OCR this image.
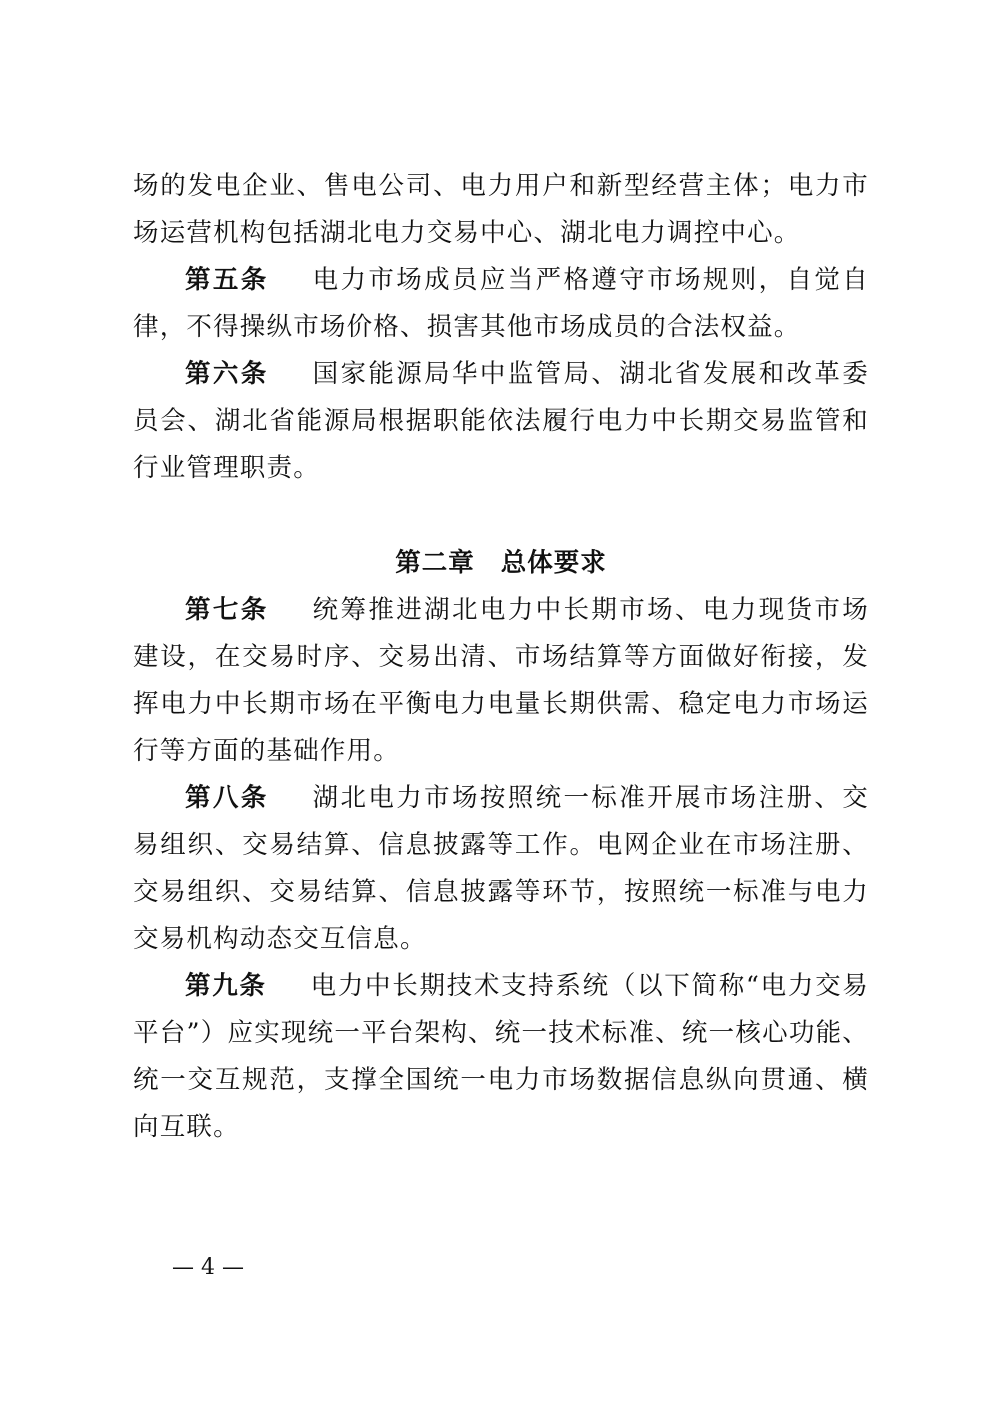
场的发电企业、售电公司、电力用户和新型经营主体；电力市场运营机构包括湖北电力交易中心、湖北电力调控中心。

第五条 电力市场成员应当严格遵守市场规则，自觉自律，不得操纵市场价格、损害其他市场成员的合法权益。

第六条 国家能源局华中监管局、湖北省发展和改革委员会、湖北省能源局根据职能依法履行电力中长期交易监管和行业管理职责。

第二章 总体要求

第七条 统筹推进湖北电力中长期市场、电力现货市场建设，在交易时序、交易出清、市场结算等方面做好衔接，发挥电力中长期市场在平衡电力电量长期供需、稳定电力市场运行等方面的基础作用。

第八条 湖北电力市场按照统一标准开展市场注册、交易组织、交易结算、信息披露等工作。电网企业在市场注册、交易组织、交易结算、信息披露等环节，按照统一标准与电力交易机构动态交互信息。

第九条 电力中长期技术支持系统（以下简称“电力交易平台”）应实现统一平台架构、统一技术标准、统一核心功能、统一交互规范，支撑全国统一电力市场数据信息纵向贯通、横向互联。

— 4 —
